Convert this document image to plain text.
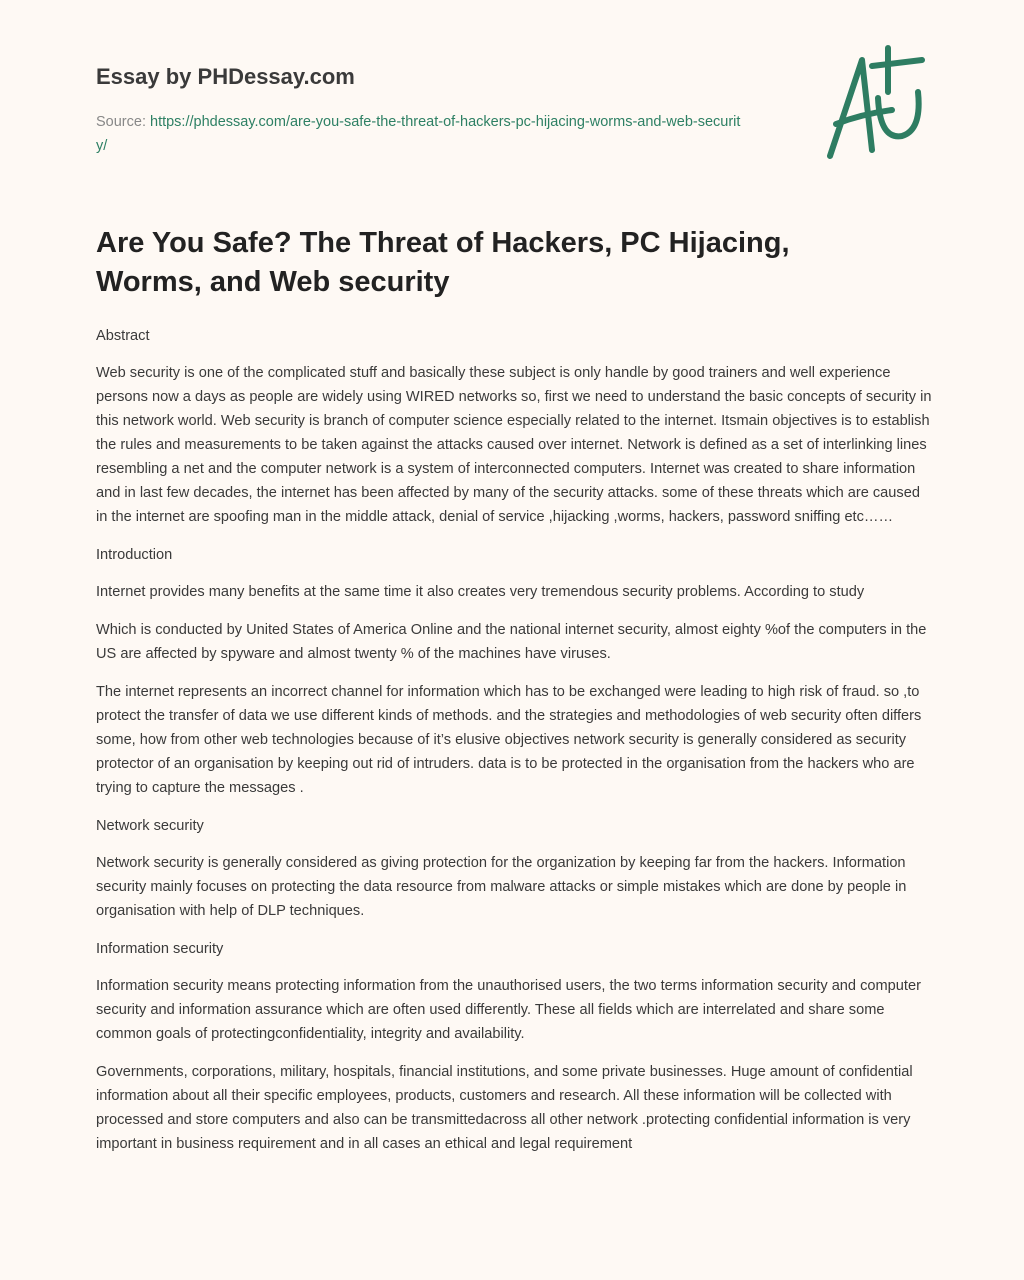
Essay by PHDessay.com
Source: https://phdessay.com/are-you-safe-the-threat-of-hackers-pc-hijacing-worms-and-web-security/
Are You Safe? The Threat of Hackers, PC Hijacing, Worms, and Web security

Abstract

Web security is one of the complicated stuff and basically these subject is only handle by good trainers and well experience persons now a days as people are widely using WIRED networks so, first we need to understand the basic concepts of security in this network world. Web security is branch of computer science especially related to the internet. Itsmain objectives is to establish the rules and measurements to be taken against the attacks caused over internet. Network is defined as a set of interlinking lines resembling a net and the computer network is a system of interconnected computers. Internet was created to share information and in last few decades, the internet has been affected by many of the security attacks. some of these threats which are caused in the internet are spoofing man in the middle attack, denial of service ,hijacking ,worms, hackers, password sniffing etc……

Introduction

Internet provides many benefits at the same time it also creates very tremendous security problems. According to study

Which is conducted by United States of America Online and the national internet security, almost eighty %of the computers in the US are affected by spyware and almost twenty % of the machines have viruses.

The internet represents an incorrect channel for information which has to be exchanged were leading to high risk of fraud. so ,to protect the transfer of data we use different kinds of methods. and the strategies and methodologies of web security often differs some, how from other web technologies because of it’s elusive objectives network security is generally considered as security protector of an organisation by keeping out rid of intruders. data is to be protected in the organisation from the hackers who are trying to capture the messages .

Network security

Network security is generally considered as giving protection for the organization by keeping far from the hackers. Information security mainly focuses on protecting the data resource from malware attacks or simple mistakes which are done by people in organisation with help of DLP techniques.

Information security

Information security means protecting information from the unauthorised users, the two terms information security and computer security and information assurance which are often used differently. These all fields which are interrelated and share some common goals of protectingconfidentiality, integrity and availability.

Governments, corporations, military, hospitals, financial institutions, and some private businesses. Huge amount of confidential information about all their specific employees, products, customers and research. All these information will be collected with processed and store computers and also can be transmittedacross all other network .protecting confidential information is very important in business requirement and in all cases an ethical and legal requirement
